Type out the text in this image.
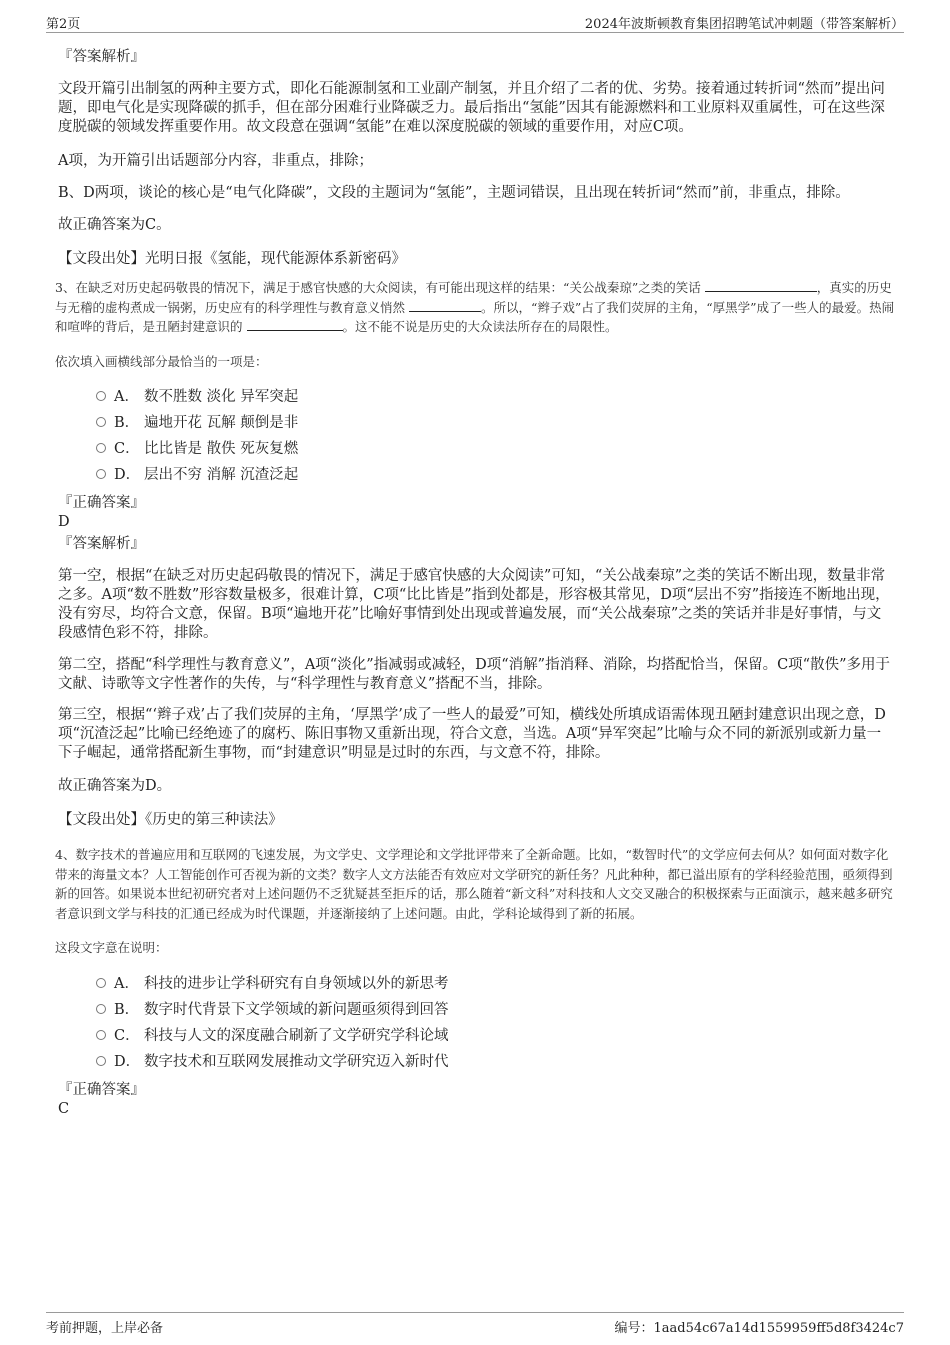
第2页	2024年波斯顿教育集团招聘笔试冲刺题（带答案解析）
『答案解析』
文段开篇引出制氢的两种主要方式，即化石能源制氢和工业副产制氢，并且介绍了二者的优、劣势。接着通过转折词“然而”提出问题，即电气化是实现降碳的抓手，但在部分困难行业降碳乏力。最后指出“氢能”因其有能源燃料和工业原料双重属性，可在这些深度脱碳的领域发挥重要作用。故文段意在强调“氢能”在难以深度脱碳的领域的重要作用，对应C项。
A项，为开篇引出话题部分内容，非重点，排除；
B、D两项，谈论的核心是“电气化降碳”，文段的主题词为“氢能”，主题词错误，且出现在转折词“然而”前，非重点，排除。
故正确答案为C。
【文段出处】光明日报《氢能，现代能源体系新密码》
3、在缺乏对历史起码敬畏的情况下，满足于感官快感的大众阅读，有可能出现这样的结果：“关公战秦琼”之类的笑话	，真实的历史与无稽的虚构煮成一锅粥，历史应有的科学理性与教育意义悄然	。所以，“辫子戏”占了我们荧屏的主角，“厚黑学”成了一些人的最爱。热闹和喧哗的背后，是丑陋封建意识的	。这不能不说是历史的大众读法所存在的局限性。
依次填入画横线部分最恰当的一项是：
A． 数不胜数 淡化 异军突起
B． 遍地开花 瓦解 颠倒是非
C． 比比皆是 散佚 死灰复燃
D． 层出不穷 消解 沉渣泛起
『正确答案』
D
『答案解析』
第一空，根据“在缺乏对历史起码敬畏的情况下，满足于感官快感的大众阅读”可知，“关公战秦琼”之类的笑话不断出现，数量非常之多。A项“数不胜数”形容数量极多，很难计算，C项“比比皆是”指到处都是，形容极其常见，D项“层出不穷”指接连不断地出现，没有穷尽，均符合文意，保留。B项“遍地开花”比喻好事情到处出现或普遍发展，而“关公战秦琼”之类的笑话并非是好事情，与文段感情色彩不符，排除。
第二空，搭配“科学理性与教育意义”，A项“淡化”指减弱或减轻，D项“消解”指消释、消除，均搭配恰当，保留。C项“散佚”多用于文献、诗歌等文字性著作的失传，与“科学理性与教育意义”搭配不当，排除。
第三空，根据“‘辫子戏’占了我们荧屏的主角，‘厚黑学’成了一些人的最爱”可知，横线处所填成语需体现丑陋封建意识出现之意，D项“沉渣泛起”比喻已经绝迹了的腐朽、陈旧事物又重新出现，符合文意，当选。A项“异军突起”比喻与众不同的新派别或新力量一下子崛起，通常搭配新生事物，而“封建意识”明显是过时的东西，与文意不符，排除。
故正确答案为D。
【文段出处】《历史的第三种读法》
4、数字技术的普遍应用和互联网的飞速发展，为文学史、文学理论和文学批评带来了全新命题。比如，“数智时代”的文学应何去何从？如何面对数字化带来的海量文本？人工智能创作可否视为新的文类？数字人文方法能否有效应对文学研究的新任务？凡此种种，都已溢出原有的学科经验范围，亟须得到新的回答。如果说本世纪初研究者对上述问题仍不乏犹疑甚至拒斥的话，那么随着“新文科”对科技和人文交叉融合的积极探索与正面演示，越来越多研究者意识到文学与科技的汇通已经成为时代课题，并逐渐接纳了上述问题。由此，学科论域得到了新的拓展。
这段文字意在说明：
A． 科技的进步让学科研究有自身领域以外的新思考
B． 数字时代背景下文学领域的新问题亟须得到回答
C． 科技与人文的深度融合刷新了文学研究学科论域
D． 数字技术和互联网发展推动文学研究迈入新时代
『正确答案』
C
考前押题，上岸必备	编号：1aad54c67a14d1559959ff5d8f3424c7
